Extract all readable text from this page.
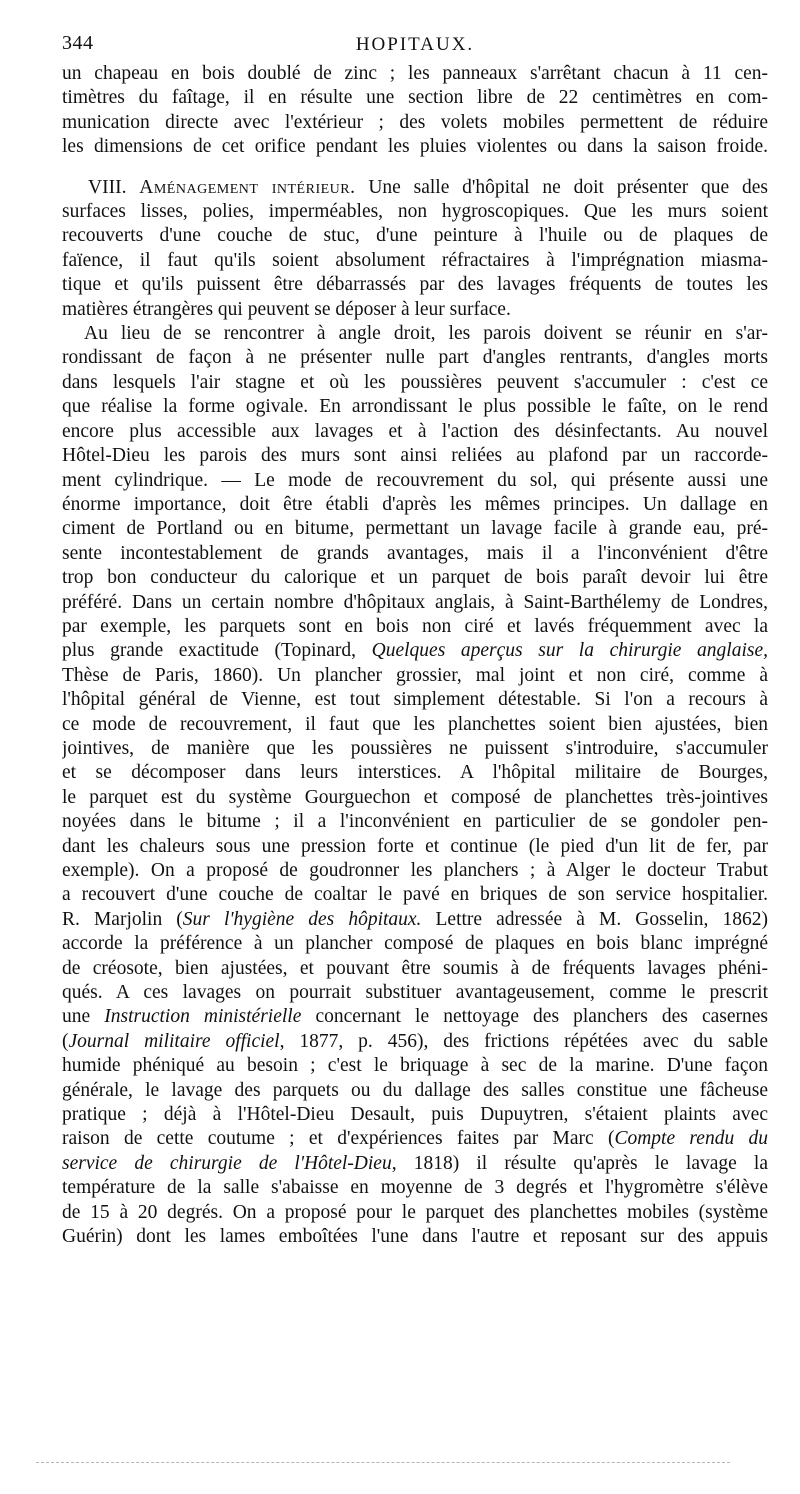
344	HOPITAUX.
un chapeau en bois doublé de zinc ; les panneaux s'arrêtant chacun à 11 cen-
timètres du faîtage, il en résulte une section libre de 22 centimètres en com-
munication directe avec l'extérieur ; des volets mobiles permettent de réduire
les dimensions de cet orifice pendant les pluies violentes ou dans la saison froide.
VIII. Aménagement intérieur. Une salle d'hôpital ne doit présenter que des
surfaces lisses, polies, imperméables, non hygroscopiques. Que les murs soient
recouverts d'une couche de stuc, d'une peinture à l'huile ou de plaques de
faïence, il faut qu'ils soient absolument réfractaires à l'imprégnation miasma-
tique et qu'ils puissent être débarrassés par des lavages fréquents de toutes les
matières étrangères qui peuvent se déposer à leur surface.
Au lieu de se rencontrer à angle droit, les parois doivent se réunir en s'ar-
rondissant de façon à ne présenter nulle part d'angles rentrants, d'angles morts
dans lesquels l'air stagne et où les poussières peuvent s'accumuler : c'est ce
que réalise la forme ogivale. En arrondissant le plus possible le faîte, on le rend
encore plus accessible aux lavages et à l'action des désinfectants. Au nouvel
Hôtel-Dieu les parois des murs sont ainsi reliées au plafond par un raccorde-
ment cylindrique. — Le mode de recouvrement du sol, qui présente aussi une
énorme importance, doit être établi d'après les mêmes principes. Un dallage en
ciment de Portland ou en bitume, permettant un lavage facile à grande eau, pré-
sente incontestablement de grands avantages, mais il a l'inconvénient d'être
trop bon conducteur du calorique et un parquet de bois paraît devoir lui être
préféré. Dans un certain nombre d'hôpitaux anglais, à Saint-Barthélemy de Londres,
par exemple, les parquets sont en bois non ciré et lavés fréquemment avec la
plus grande exactitude (Topinard, Quelques aperçus sur la chirurgie anglaise,
Thèse de Paris, 1860). Un plancher grossier, mal joint et non ciré, comme à
l'hôpital général de Vienne, est tout simplement détestable. Si l'on a recours à
ce mode de recouvrement, il faut que les planchettes soient bien ajustées, bien
jointives, de manière que les poussières ne puissent s'introduire, s'accumuler
et se décomposer dans leurs interstices. A l'hôpital militaire de Bourges,
le parquet est du système Gourguechon et composé de planchettes très-jointives
noyées dans le bitume ; il a l'inconvénient en particulier de se gondoler pen-
dant les chaleurs sous une pression forte et continue (le pied d'un lit de fer, par
exemple). On a proposé de goudronner les planchers ; à Alger le docteur Trabut
a recouvert d'une couche de coaltar le pavé en briques de son service hospitalier.
R. Marjolin (Sur l'hygiène des hôpitaux. Lettre adressée à M. Gosselin, 1862)
accorde la préférence à un plancher composé de plaques en bois blanc imprégné
de créosote, bien ajustées, et pouvant être soumis à de fréquents lavages phéni-
qués. A ces lavages on pourrait substituer avantageusement, comme le prescrit
une Instruction ministérielle concernant le nettoyage des planchers des casernes
(Journal militaire officiel, 1877, p. 456), des frictions répétées avec du sable
humide phéniqué au besoin ; c'est le briquage à sec de la marine. D'une façon
générale, le lavage des parquets ou du dallage des salles constitue une fâcheuse
pratique ; déjà à l'Hôtel-Dieu Desault, puis Dupuytren, s'étaient plaints avec
raison de cette coutume ; et d'expériences faites par Marc (Compte rendu du
service de chirurgie de l'Hôtel-Dieu, 1818) il résulte qu'après le lavage la
température de la salle s'abaisse en moyenne de 3 degrés et l'hygromètre s'élève
de 15 à 20 degrés. On a proposé pour le parquet des planchettes mobiles (système
Guérin) dont les lames emboîtées l'une dans l'autre et reposant sur des appuis
